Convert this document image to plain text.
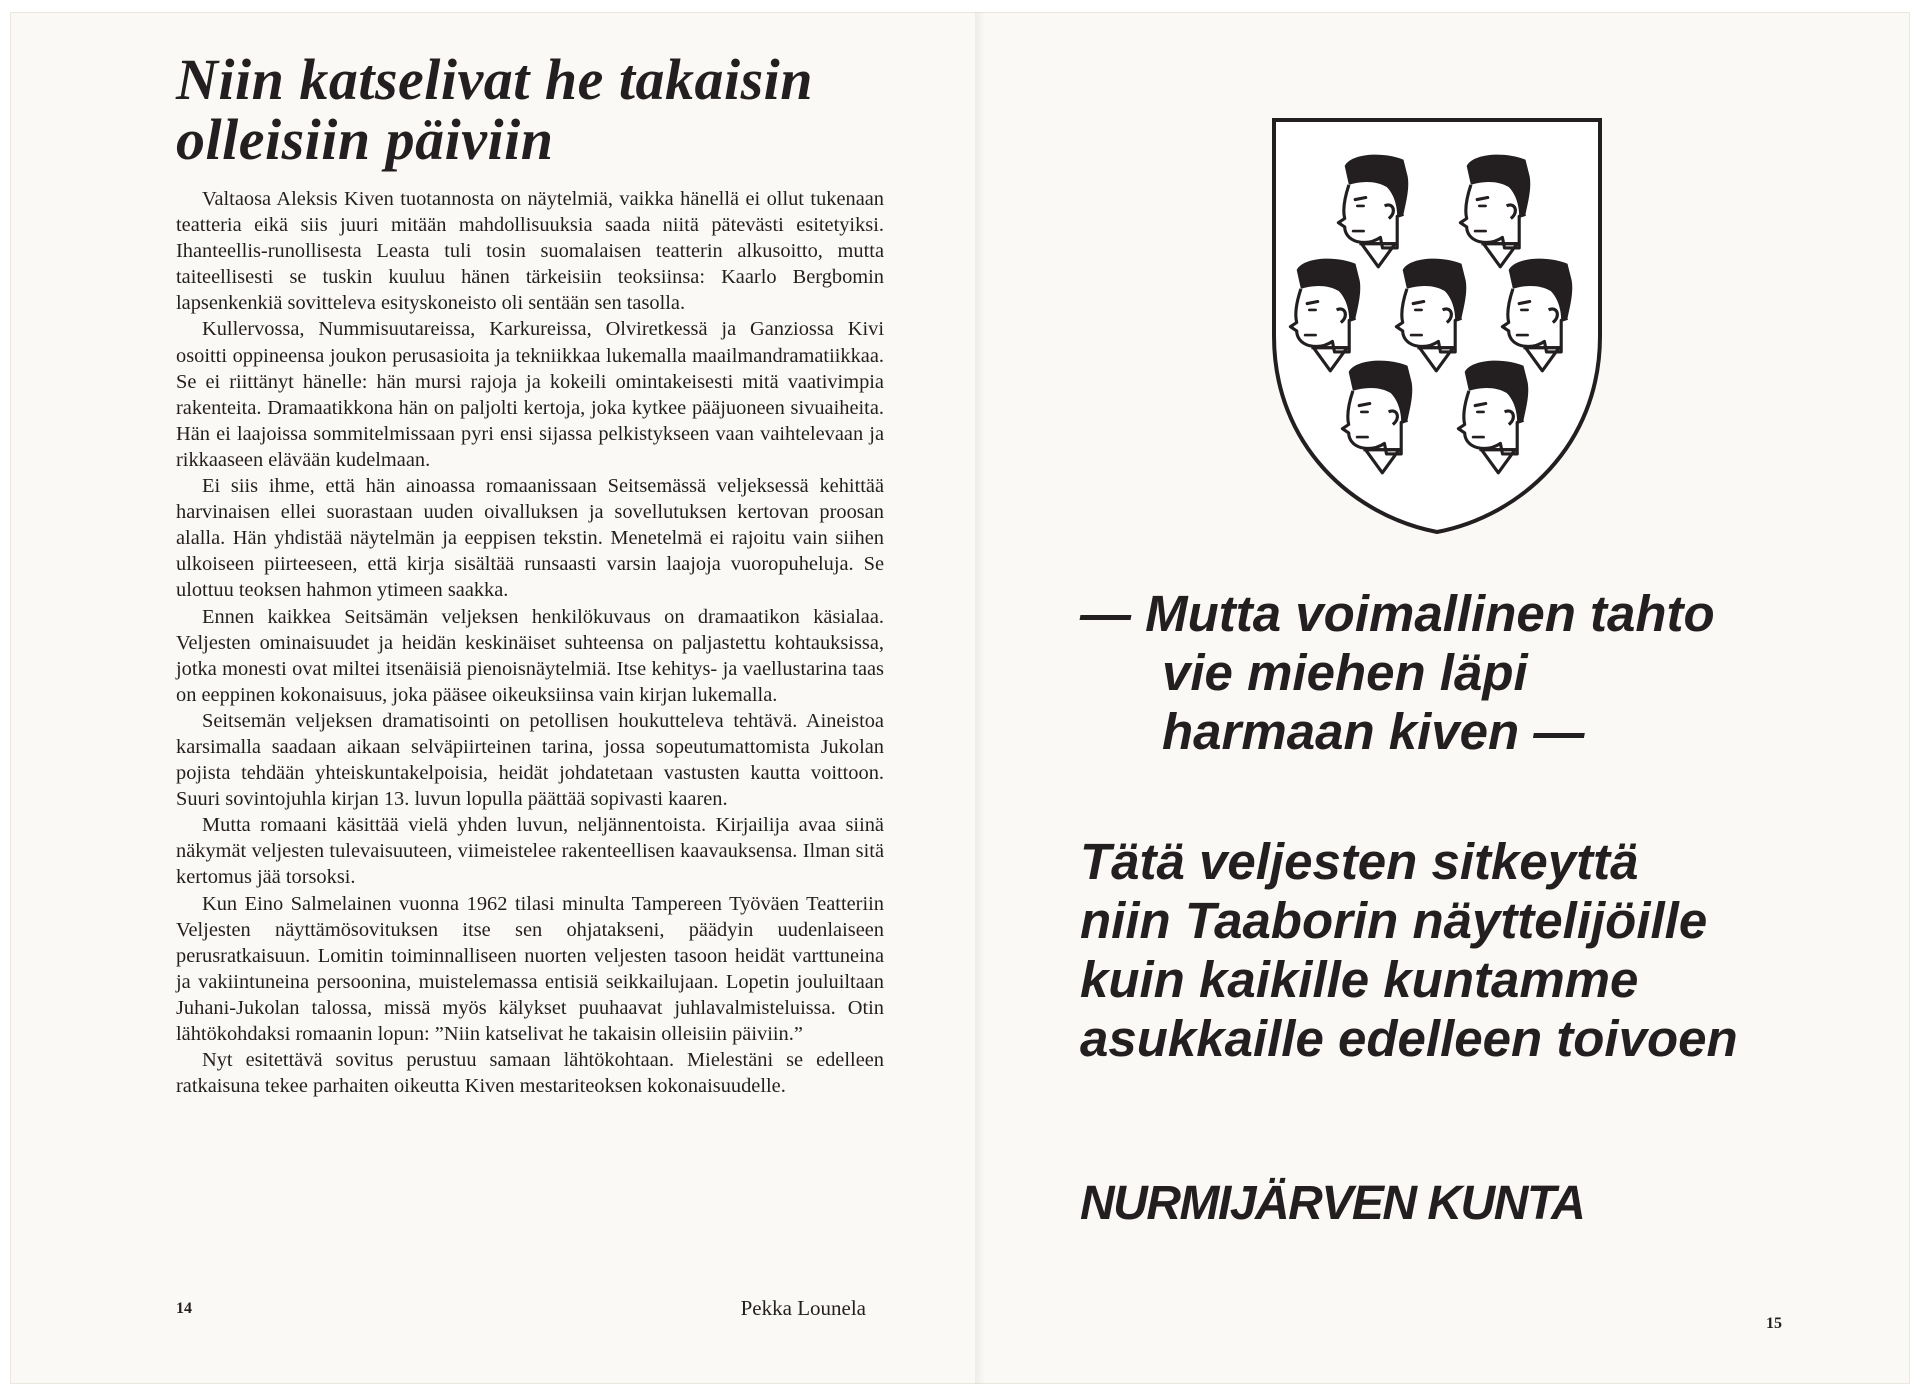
Niin katselivat he takaisin olleisiin päiviin

Valtaosa Aleksis Kiven tuotannosta on näytelmiä, vaikka hänellä ei ollut tukenaan teatteria eikä siis juuri mitään mahdollisuuksia saada niitä pätevästi esitetyiksi. Ihanteellis-runollisesta Leasta tuli tosin suomalaisen teatterin alkusoitto, mutta taiteellisesti se tuskin kuuluu hänen tärkeisiin teoksiinsa: Kaarlo Bergbomin lapsenkenkiä sovitteleva esityskoneisto oli sentään sen tasolla.

Kullervossa, Nummisuutareissa, Karkureissa, Olviretkessä ja Ganziossa Kivi osoitti oppineensa joukon perusasioita ja tekniikkaa lukemalla maailmandramatiikkaa. Se ei riittänyt hänelle: hän mursi rajoja ja kokeili omintakeisesti mitä vaativimpia rakenteita. Dramaatikkona hän on paljolti kertoja, joka kytkee pääjuoneen sivuaiheita. Hän ei laajoissa sommitelmissaan pyri ensi sijassa pelkistykseen vaan vaihtelevaan ja rikkaaseen elävään kudelmaan.

Ei siis ihme, että hän ainoassa romaanissaan Seitsemässä veljeksessä kehittää harvinaisen ellei suorastaan uuden oivalluksen ja sovellutuksen kertovan proosan alalla. Hän yhdistää näytelmän ja eeppisen tekstin. Menetelmä ei rajoitu vain siihen ulkoiseen piirteeseen, että kirja sisältää runsaasti varsin laajoja vuoropuheluja. Se ulottuu teoksen hahmon ytimeen saakka.

Ennen kaikkea Seitsämän veljeksen henkilökuvaus on dramaatikon käsialaa. Veljesten ominaisuudet ja heidän keskinäiset suhteensa on paljastettu kohtauksissa, jotka monesti ovat miltei itsenäisiä pienoisnäytelmiä. Itse kehitys- ja vaellustarina taas on eeppinen kokonaisuus, joka pääsee oikeuksiinsa vain kirjan lukemalla.

Seitsemän veljeksen dramatisointi on petollisen houkutteleva tehtävä. Aineistoa karsimalla saadaan aikaan selväpiirteinen tarina, jossa sopeutumattomista Jukolan pojista tehdään yhteiskuntakelpoisia, heidät johdatetaan vastusten kautta voittoon. Suuri sovintojuhla kirjan 13. luvun lopulla päättää sopivasti kaaren.

Mutta romaani käsittää vielä yhden luvun, neljännentoista. Kirjailija avaa siinä näkymät veljesten tulevaisuuteen, viimeistelee rakenteellisen kaavauksensa. Ilman sitä kertomus jää torsoksi.

Kun Eino Salmelainen vuonna 1962 tilasi minulta Tampereen Työväen Teatteriin Veljesten näyttämösovituksen itse sen ohjatakseni, päädyin uudenlaiseen perusratkaisuun. Lomitin toiminnalliseen nuorten veljesten tasoon heidät varttuneina ja vakiintuneina persoonina, muistelemassa entisiä seikkailujaan. Lopetin jouluiltaan Juhani-Jukolan talossa, missä myös kälykset puuhaavat juhlavalmisteluissa. Otin lähtökohdaksi romaanin lopun: ”Niin katselivat he takaisin olleisiin päiviin.”

Nyt esitettävä sovitus perustuu samaan lähtökohtaan. Mielestäni se edelleen ratkaisuna tekee parhaiten oikeutta Kiven mestariteoksen kokonaisuudelle.

14	Pekka Lounela
— Mutta voimallinen tahto
vie miehen läpi
harmaan kiven —
Tätä veljesten sitkeyttä
niin Taaborin näyttelijöille
kuin kaikille kuntamme
asukkaille edelleen toivoen
NURMIJÄRVEN KUNTA
15
